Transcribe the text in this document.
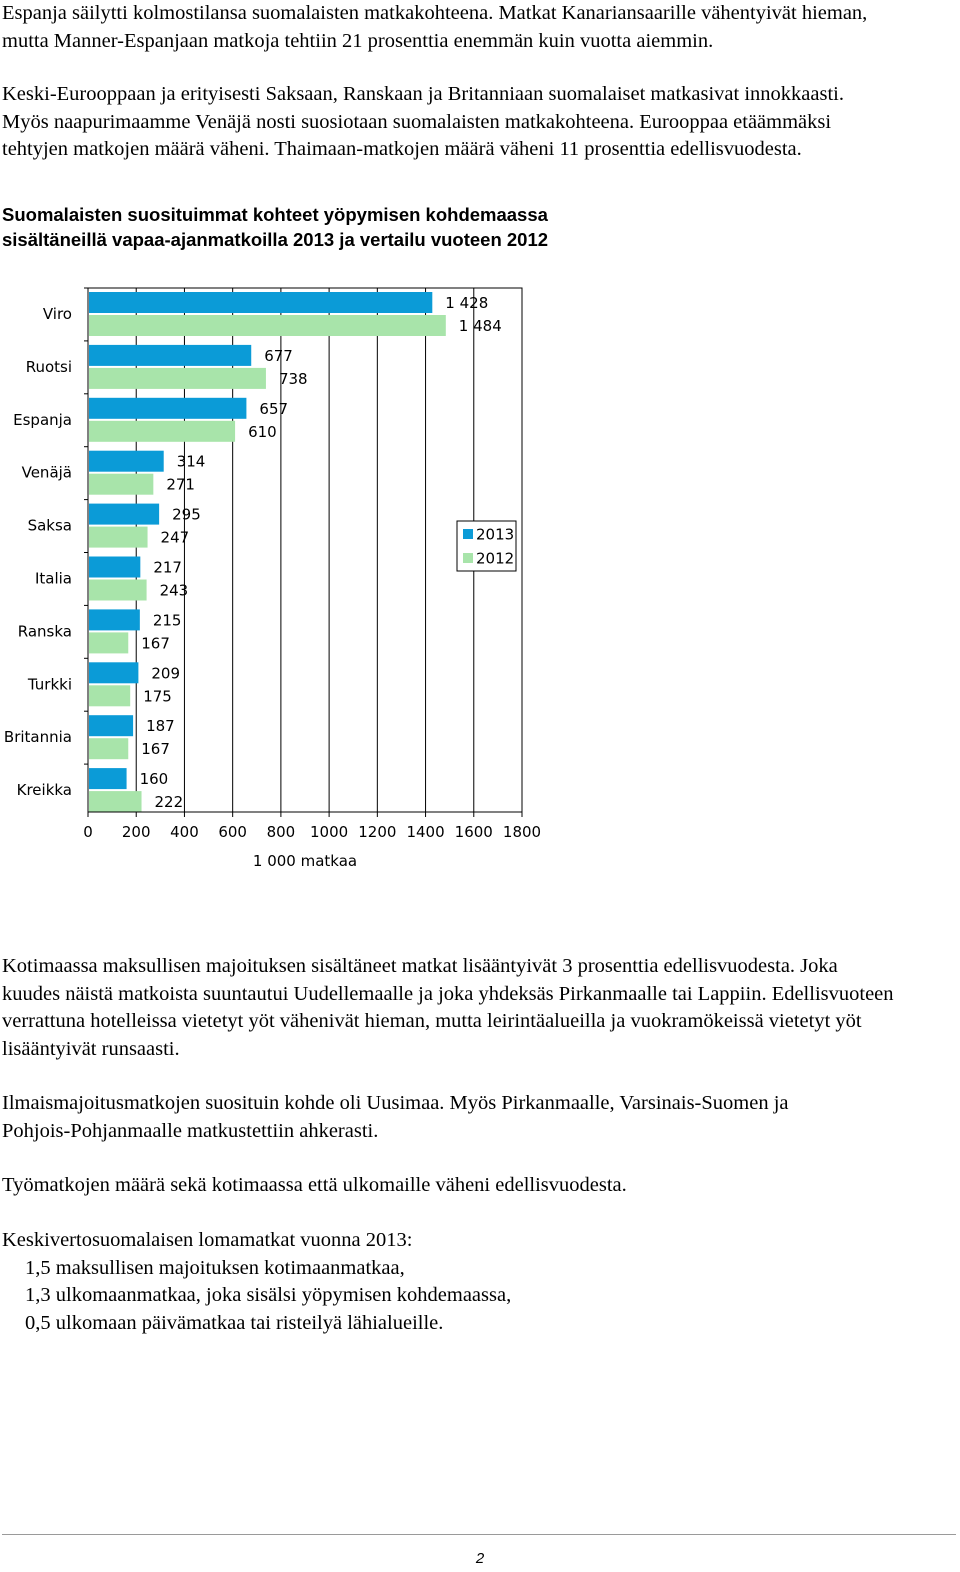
Espanja säilytti kolmostilansa suomalaisten matkakohteena. Matkat Kanariansaarille vähentyivät hieman,
mutta Manner-Espanjaan matkoja tehtiin 21 prosenttia enemmän kuin vuotta aiemmin.
Keski-Eurooppaan ja erityisesti Saksaan, Ranskaan ja Britanniaan suomalaiset matkasivat innokkaasti.
Myös naapurimaamme Venäjä nosti suosiotaan suomalaisten matkakohteena. Eurooppaa etäämmäksi
tehtyjen matkojen määrä väheni. Thaimaan-matkojen määrä väheni 11 prosenttia edellisvuodesta.
Suomalaisten suosituimmat kohteet yöpymisen kohdemaassa
sisältäneillä vapaa-ajanmatkoilla 2013 ja vertailu vuoteen 2012
1 428
1 484
677
738
657
610
314
271
295
247
217
243
215
167
209
175
187
167
160
222
Viro
Ruotsi
Espanja
Venäjä
Saksa
Italia
Ranska
Turkki
Britannia
Kreikka
0 200 400 600 800 1000 1200 1400 1600 1800
1 000 matkaa
2013
2012
Kotimaassa maksullisen majoituksen sisältäneet matkat lisääntyivät 3 prosenttia edellisvuodesta. Joka
kuudes näistä matkoista suuntautui Uudellemaalle ja joka yhdeksäs Pirkanmaalle tai Lappiin. Edellisvuoteen
verrattuna hotelleissa vietetyt yöt vähenivät hieman, mutta leirintäalueilla ja vuokramökeissä vietetyt yöt
lisääntyivät runsaasti.
Ilmaismajoitusmatkojen suosituin kohde oli Uusimaa. Myös Pirkanmaalle, Varsinais-Suomen ja
Pohjois-Pohjanmaalle matkustettiin ahkerasti.
Työmatkojen määrä sekä kotimaassa että ulkomaille väheni edellisvuodesta.
Keskivertosuomalaisen lomamatkat vuonna 2013:
1,5 maksullisen majoituksen kotimaanmatkaa,
1,3 ulkomaanmatkaa, joka sisälsi yöpymisen kohdemaassa,
0,5 ulkomaan päivämatkaa tai risteilyä lähialueille.
2
